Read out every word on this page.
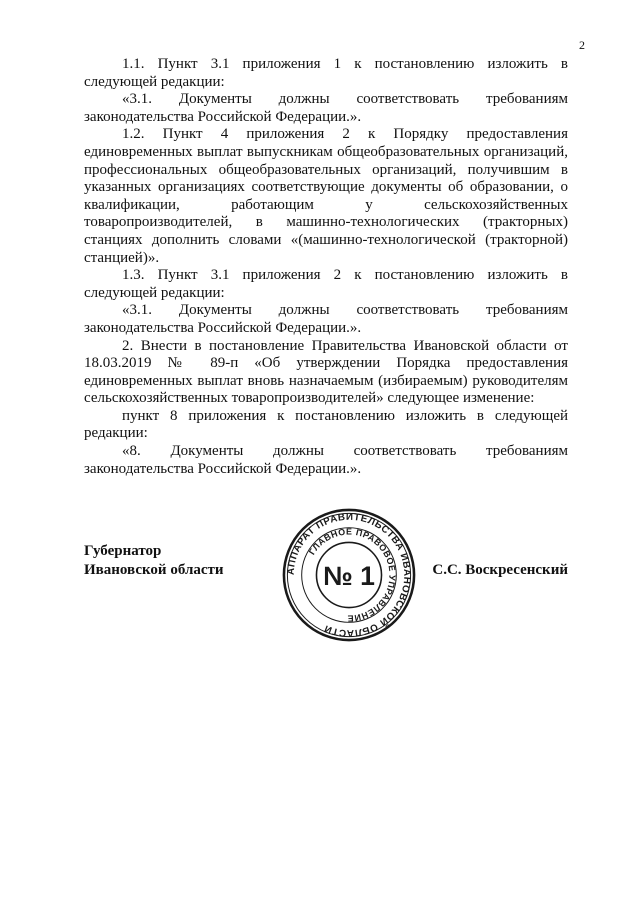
2

1.1. Пункт 3.1 приложения 1 к постановлению изложить в следующей редакции:

«3.1. Документы должны соответствовать требованиям законодательства Российской Федерации.».

1.2. Пункт 4 приложения 2 к Порядку предоставления единовременных выплат выпускникам общеобразовательных организаций, профессиональных общеобразовательных организаций, получившим в указанных организациях соответствующие документы об образовании, о квалификации, работающим у сельскохозяйственных товаропроизводителей, в машинно-технологических (тракторных) станциях дополнить словами «(машинно-технологической (тракторной) станцией)».

1.3. Пункт 3.1 приложения 2 к постановлению изложить в следующей редакции:

«3.1. Документы должны соответствовать требованиям законодательства Российской Федерации.».

2. Внести в постановление Правительства Ивановской области от 18.03.2019 № 89-п «Об утверждении Порядка предоставления единовременных выплат вновь назначаемым (избираемым) руководителям сельскохозяйственных товаропроизводителей» следующее изменение:

пункт 8 приложения к постановлению изложить в следующей редакции:

«8. Документы должны соответствовать требованиям законодательства Российской Федерации.».

Губернатор
Ивановской области	АППАРАТ ПРАВИТЕЛЬСТВА ИВАНОВСКОЙ ОБЛАСТИ
ГЛАВНОЕ ПРАВОВОЕ УПРАВЛЕНИЕ
№ 1	С.С. Воскресенский
